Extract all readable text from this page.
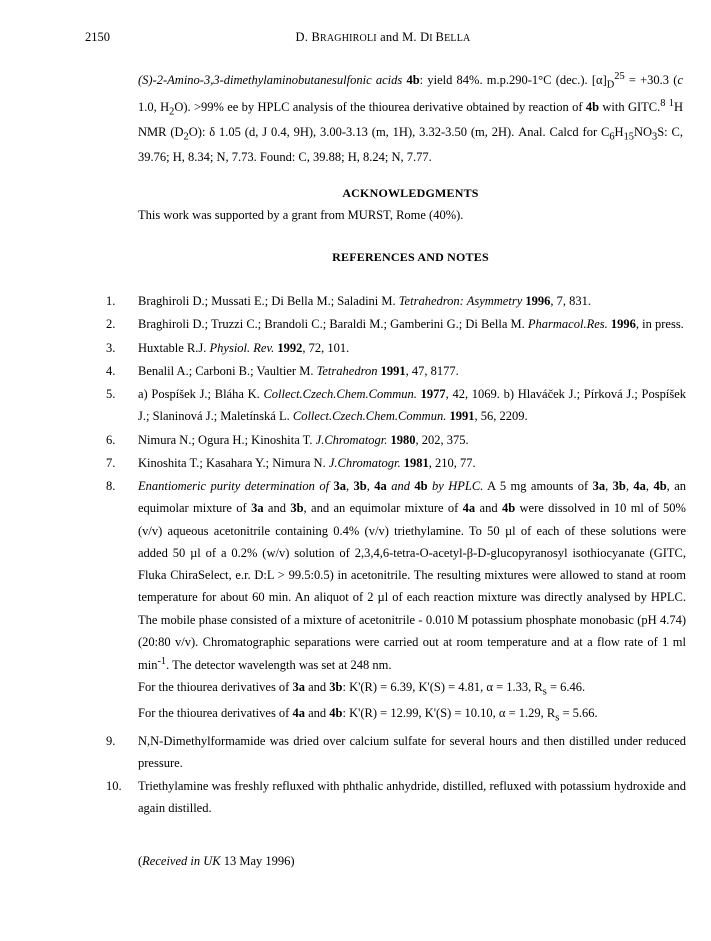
2150	D. BRAGHIROLI and M. DI BELLA

(S)-2-Amino-3,3-dimethylaminobutanesulfonic acids 4b: yield 84%. m.p.290-1°C (dec.). $[\alpha]_D^{25} = +30.3$ (c 1.0, $H_2O$). >99% ee by HPLC analysis of the thiourea derivative obtained by reaction of 4b with GITC.$^8$ $^1$H NMR $(D_2O)$: δ 1.05 (d, J 0.4, 9H), 3.00-3.13 (m, 1H), 3.32-3.50 (m, 2H). Anal. Calcd for $C_6H_{15}NO_3S$: C, 39.76; H, 8.34; N, 7.73. Found: C, 39.88; H, 8.24; N, 7.77.

ACKNOWLEDGMENTS

This work was supported by a grant from MURST, Rome (40%).

REFERENCES AND NOTES
1.	Braghiroli D.; Mussati E.; Di Bella M.; Saladini M. Tetrahedron: Asymmetry 1996, 7, 831.
2.	Braghiroli D.; Truzzi C.; Brandoli C.; Baraldi M.; Gamberini G.; Di Bella M. Pharmacol.Res. 1996, in press.
3.	Huxtable R.J. Physiol. Rev. 1992, 72, 101.
4.	Benalil A.; Carboni B.; Vaultier M. Tetrahedron 1991, 47, 8177.
5.	a) Pospíšek J.; Bláha K. Collect.Czech.Chem.Commun. 1977, 42, 1069. b) Hlaváček J.; Pírková J.; Pospíšek J.; Slaninová J.; Maletínská L. Collect.Czech.Chem.Commun. 1991, 56, 2209.
6.	Nimura N.; Ogura H.; Kinoshita T. J.Chromatogr. 1980, 202, 375.
7.	Kinoshita T.; Kasahara Y.; Nimura N. J.Chromatogr. 1981, 210, 77.
8.	Enantiomeric purity determination of 3a, 3b, 4a and 4b by HPLC. A 5 mg amounts of 3a, 3b, 4a, 4b, an equimolar mixture of 3a and 3b, and an equimolar mixture of 4a and 4b were dissolved in 10 ml of 50% (v/v) aqueous acetonitrile containing 0.4% (v/v) triethylamine. To 50 µl of each of these solutions were added 50 µl of a 0.2% (w/v) solution of 2,3,4,6-tetra-O-acetyl-β-D-glucopyranosyl isothiocyanate (GITC, Fluka ChiraSelect, e.r. D:L > 99.5:0.5) in acetonitrile. The resulting mixtures were allowed to stand at room temperature for about 60 min. An aliquot of 2 µl of each reaction mixture was directly analysed by HPLC. The mobile phase consisted of a mixture of acetonitrile - 0.010 M potassium phosphate monobasic (pH 4.74) (20:80 v/v). Chromatographic separations were carried out at room temperature and at a flow rate of 1 ml $\min^{-1}$. The detector wavelength was set at 248 nm.
For the thiourea derivatives of 3a and 3b: K'(R) = 6.39, K'(S) = 4.81, α = 1.33, $R_s = 6.46$.
For the thiourea derivatives of 4a and 4b: K'(R) = 12.99, K'(S) = 10.10, α = 1.29, $R_s = 5.66$.
9.	N,N-Dimethylformamide was dried over calcium sulfate for several hours and then distilled under reduced pressure.
10.	Triethylamine was freshly refluxed with phthalic anhydride, distilled, refluxed with potassium hydroxide and again distilled.
(Received in UK 13 May 1996)
